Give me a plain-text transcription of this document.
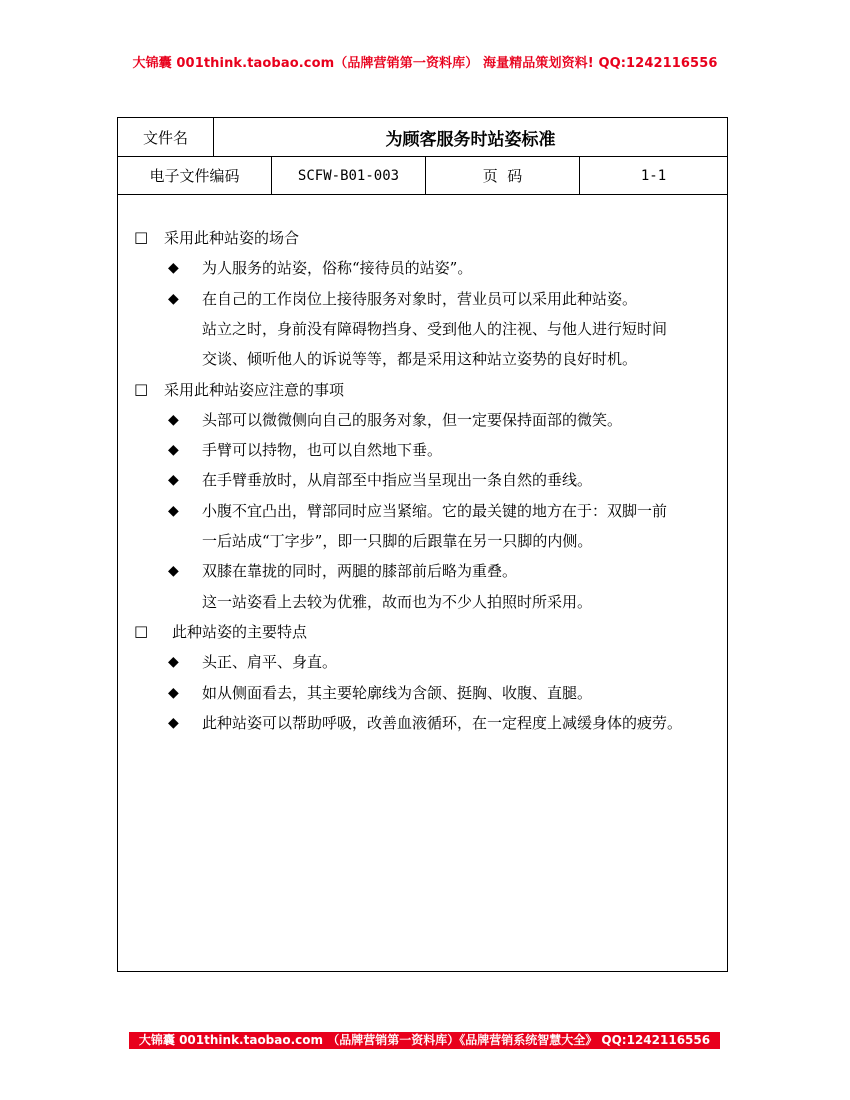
大锦囊 001think.taobao.com（品牌营销第一资料库） 海量精品策划资料! QQ:1242116556
文件名	为顾客服务时站姿标准
电子文件编码	SCFW-B01-003	页  码	1-1
□ 采用此种站姿的场合
◆ 为人服务的站姿，俗称“接待员的站姿”。
◆ 在自己的工作岗位上接待服务对象时，营业员可以采用此种站姿。
站立之时，身前没有障碍物挡身、受到他人的注视、与他人进行短时间
交谈、倾听他人的诉说等等，都是采用这种站立姿势的良好时机。
□ 采用此种站姿应注意的事项
◆ 头部可以微微侧向自己的服务对象，但一定要保持面部的微笑。
◆ 手臂可以持物，也可以自然地下垂。
◆ 在手臂垂放时，从肩部至中指应当呈现出一条自然的垂线。
◆ 小腹不宜凸出，臂部同时应当紧缩。它的最关键的地方在于：双脚一前
一后站成“丁字步”，即一只脚的后跟靠在另一只脚的内侧。
◆ 双膝在靠拢的同时，两腿的膝部前后略为重叠。
这一站姿看上去较为优雅，故而也为不少人拍照时所采用。
□ 此种站姿的主要特点
◆ 头正、肩平、身直。
◆ 如从侧面看去，其主要轮廓线为含颌、挺胸、收腹、直腿。
◆ 此种站姿可以帮助呼吸，改善血液循环，在一定程度上减缓身体的疲劳。
大锦囊 001think.taobao.com （品牌营销第一资料库）《品牌营销系统智慧大全》 QQ:1242116556
